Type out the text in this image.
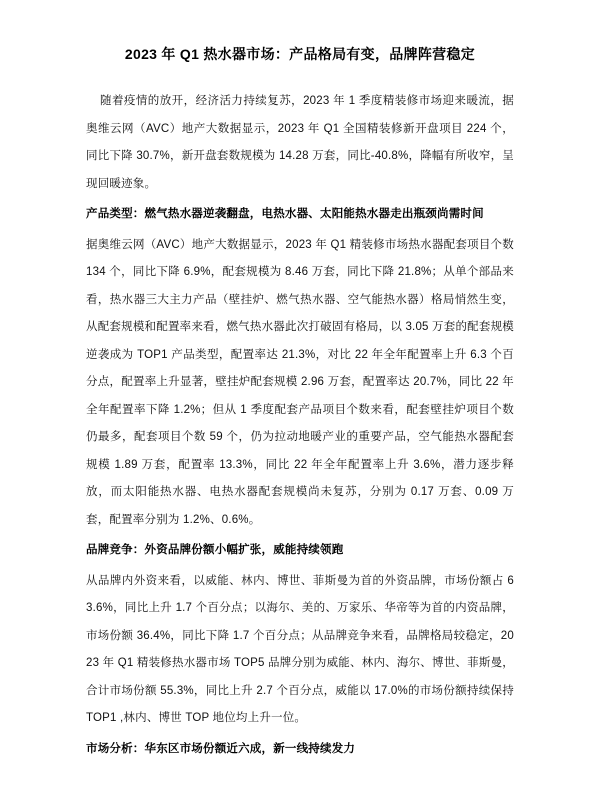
2023 年 Q1 热水器市场：产品格局有变，品牌阵营稳定

随着疫情的放开，经济活力持续复苏，2023 年 1 季度精装修市场迎来暖流，据奥维云网（AVC）地产大数据显示，2023 年 Q1 全国精装修新开盘项目 224 个，同比下降 30.7%，新开盘套数规模为 14.28 万套，同比-40.8%，降幅有所收窄，呈现回暖迹象。

产品类型：燃气热水器逆袭翻盘，电热水器、太阳能热水器走出瓶颈尚需时间

据奥维云网（AVC）地产大数据显示，2023 年 Q1 精装修市场热水器配套项目个数 134 个，同比下降 6.9%，配套规模为 8.46 万套，同比下降 21.8%；从单个部品来看，热水器三大主力产品（壁挂炉、燃气热水器、空气能热水器）格局悄然生变，从配套规模和配置率来看，燃气热水器此次打破固有格局，以 3.05 万套的配套规模逆袭成为 TOP1 产品类型，配置率达 21.3%，对比 22 年全年配置率上升 6.3 个百分点，配置率上升显著，壁挂炉配套规模 2.96 万套，配置率达 20.7%，同比 22 年全年配置率下降 1.2%；但从 1 季度配套产品项目个数来看，配套壁挂炉项目个数仍最多，配套项目个数 59 个，仍为拉动地暖产业的重要产品，空气能热水器配套规模 1.89 万套，配置率 13.3%，同比 22 年全年配置率上升 3.6%，潜力逐步释放，而太阳能热水器、电热水器配套规模尚未复苏，分别为 0.17 万套、0.09 万套，配置率分别为 1.2%、0.6%。

品牌竞争：外资品牌份额小幅扩张，威能持续领跑

从品牌内外资来看，以威能、林内、博世、菲斯曼为首的外资品牌，市场份额占 63.6%，同比上升 1.7 个百分点；以海尔、美的、万家乐、华帝等为首的内资品牌，市场份额 36.4%，同比下降 1.7 个百分点；从品牌竞争来看，品牌格局较稳定，2023 年 Q1 精装修热水器市场 TOP5 品牌分别为威能、林内、海尔、博世、菲斯曼，合计市场份额 55.3%，同比上升 2.7 个百分点，威能以 17.0%的市场份额持续保持 TOP1 ,林内、博世 TOP 地位均上升一位。

市场分析：华东区市场份额近六成，新一线持续发力
